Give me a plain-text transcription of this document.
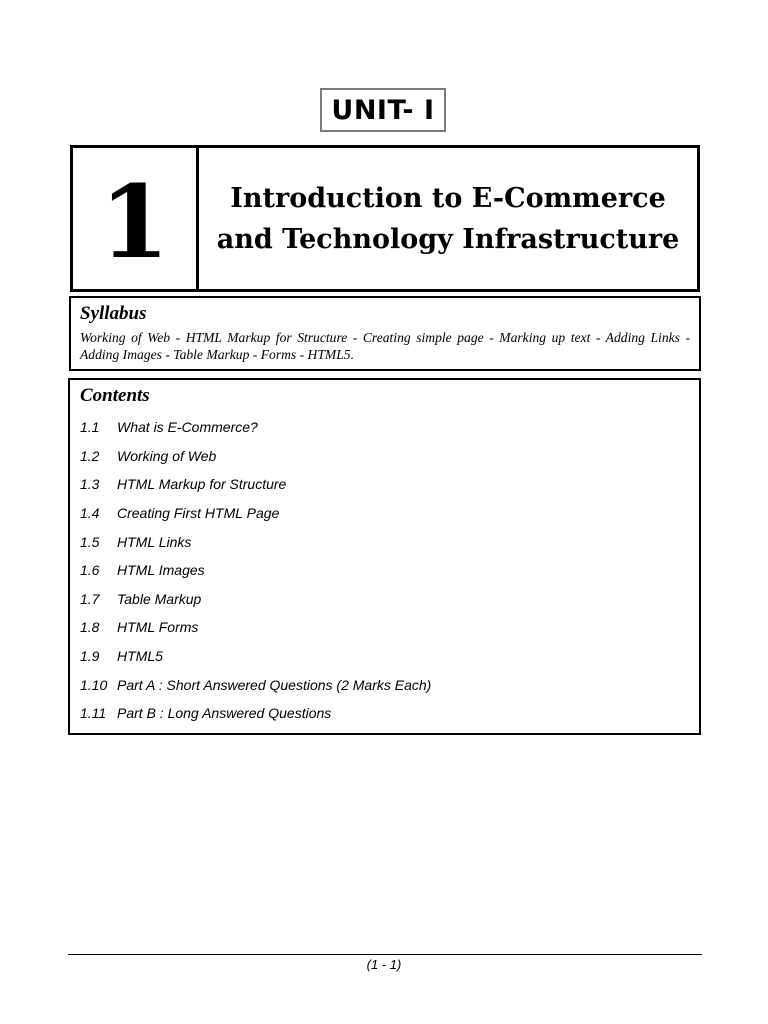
UNIT- I
1	Introduction to E-Commerce
and Technology Infrastructure
Syllabus
Working of Web - HTML Markup for Structure - Creating simple page - Marking up text - Adding Links - Adding Images - Table Markup - Forms - HTML5.
Contents
1.1	What is E-Commerce?
1.2	Working of Web
1.3	HTML Markup for Structure
1.4	Creating First HTML Page
1.5	HTML Links
1.6	HTML Images
1.7	Table Markup
1.8	HTML Forms
1.9	HTML5
1.10 Part A : Short Answered Questions (2 Marks Each)
1.11 Part B : Long Answered Questions
(1 - 1)
